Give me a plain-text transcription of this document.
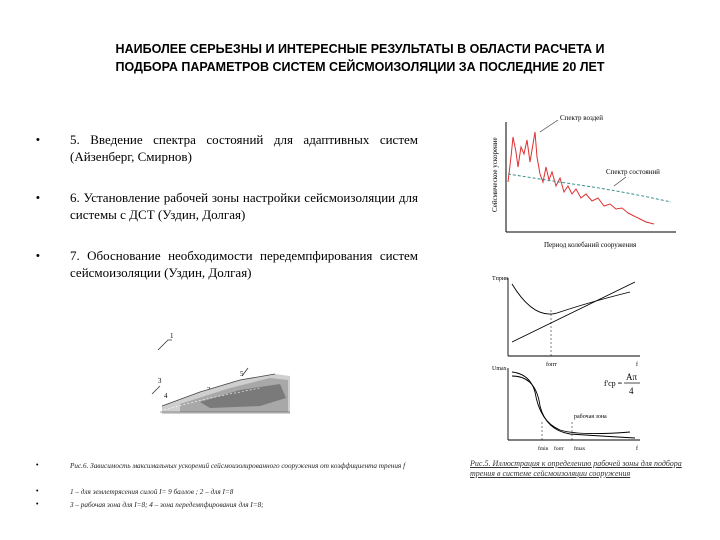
НАИБОЛЕЕ СЕРЬЕЗНЫ И ИНТЕРЕСНЫЕ РЕЗУЛЬТАТЫ В ОБЛАСТИ РАСЧЕТА И
ПОДБОРА ПАРАМЕТРОВ СИСТЕМ СЕЙСМОИЗОЛЯЦИИ ЗА ПОСЛЕДНИЕ 20 ЛЕТ
• 5. Введение спектра состояний для адаптивных систем (Айзенберг, Смирнов)
• 6. Установление рабочей зоны настройки сейсмоизоляции для системы с ДСТ (Уздин, Долгая)
• 7. Обоснование необходимости передемпфирования систем сейсмоизоляции (Уздин, Долгая)
1
3
4
5
•	Рис.6. Зависимость максимальных ускорений сейсмоизолированного сооружения от коэффициента трения f
•	1 – для землетрясения силой I= 9 баллов ; 2 – для I=8
•	3 – рабочая зона для I=8; 4 – зона передемпфирования для I=8;
Сейсмическое ускорение
Период колебаний сооружения
Спектр воздей
Спектр состояний
Tприв
fопт	f
Umax
рабочая зона
fmin fопт fmax	f
f'ср =
Aπ
4
Рис.5. Иллюстрация к определению рабочей зоны для подбора трения в системе сейсмоизоляции сооружения
